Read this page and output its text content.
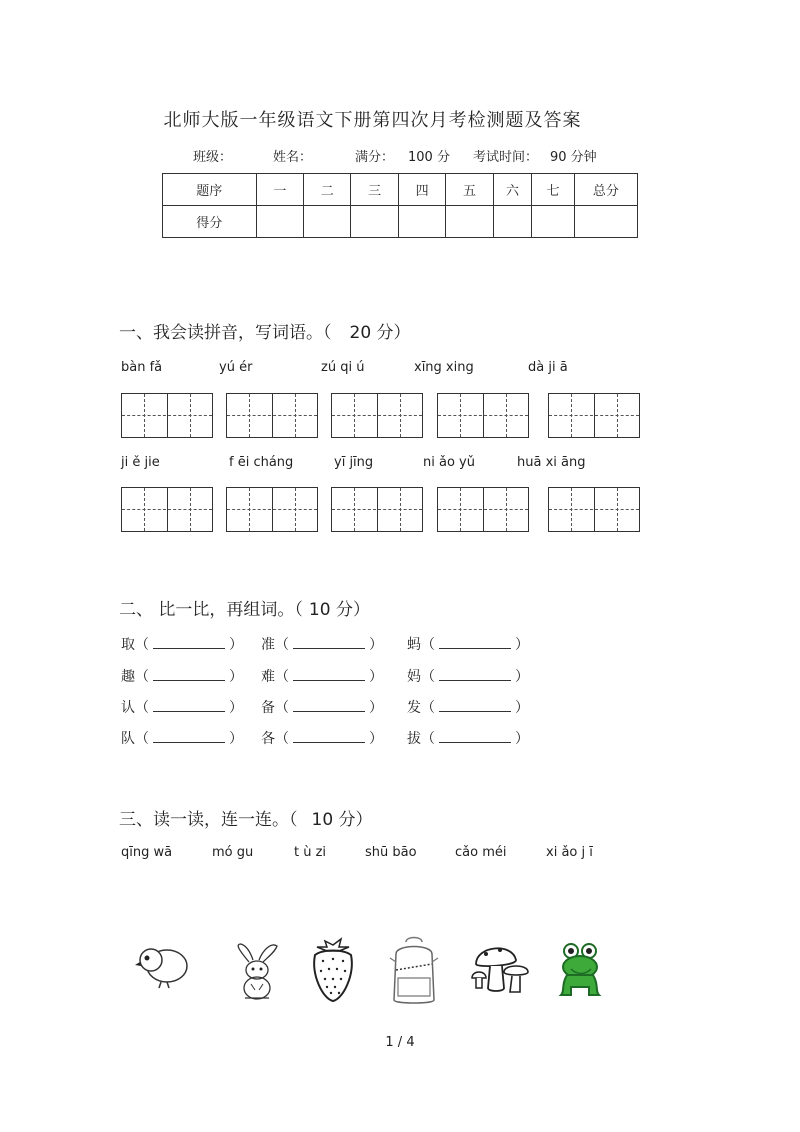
北师大版一年级语文下册第四次月考检测题及答案
班级：	姓名：	满分： 100 分 考试时间： 90 分钟
题序	一	二	三	四	五	六	七	总分
得分								
一、我会读拼音，写词语。（ 20 分）
bàn fǎ	yú ér	zú qi ú	xīng xing	dà ji ā
ji ě jie	f ēi cháng	yī jīng	ni ǎo yǔ	huā xi āng
二、 比一比，再组词。（ 10 分）
取（	） 准（	） 蚂（	）
趣（	） 难（	） 妈（	）
认（	） 备（	） 发（	）
队（	） 各（	） 拔（	）
三、读一读，连一连。（ 10 分）
qīng wā	mó gu	t ù zi	shū bāo	cǎo méi	xi ǎo j ī
1 / 4
